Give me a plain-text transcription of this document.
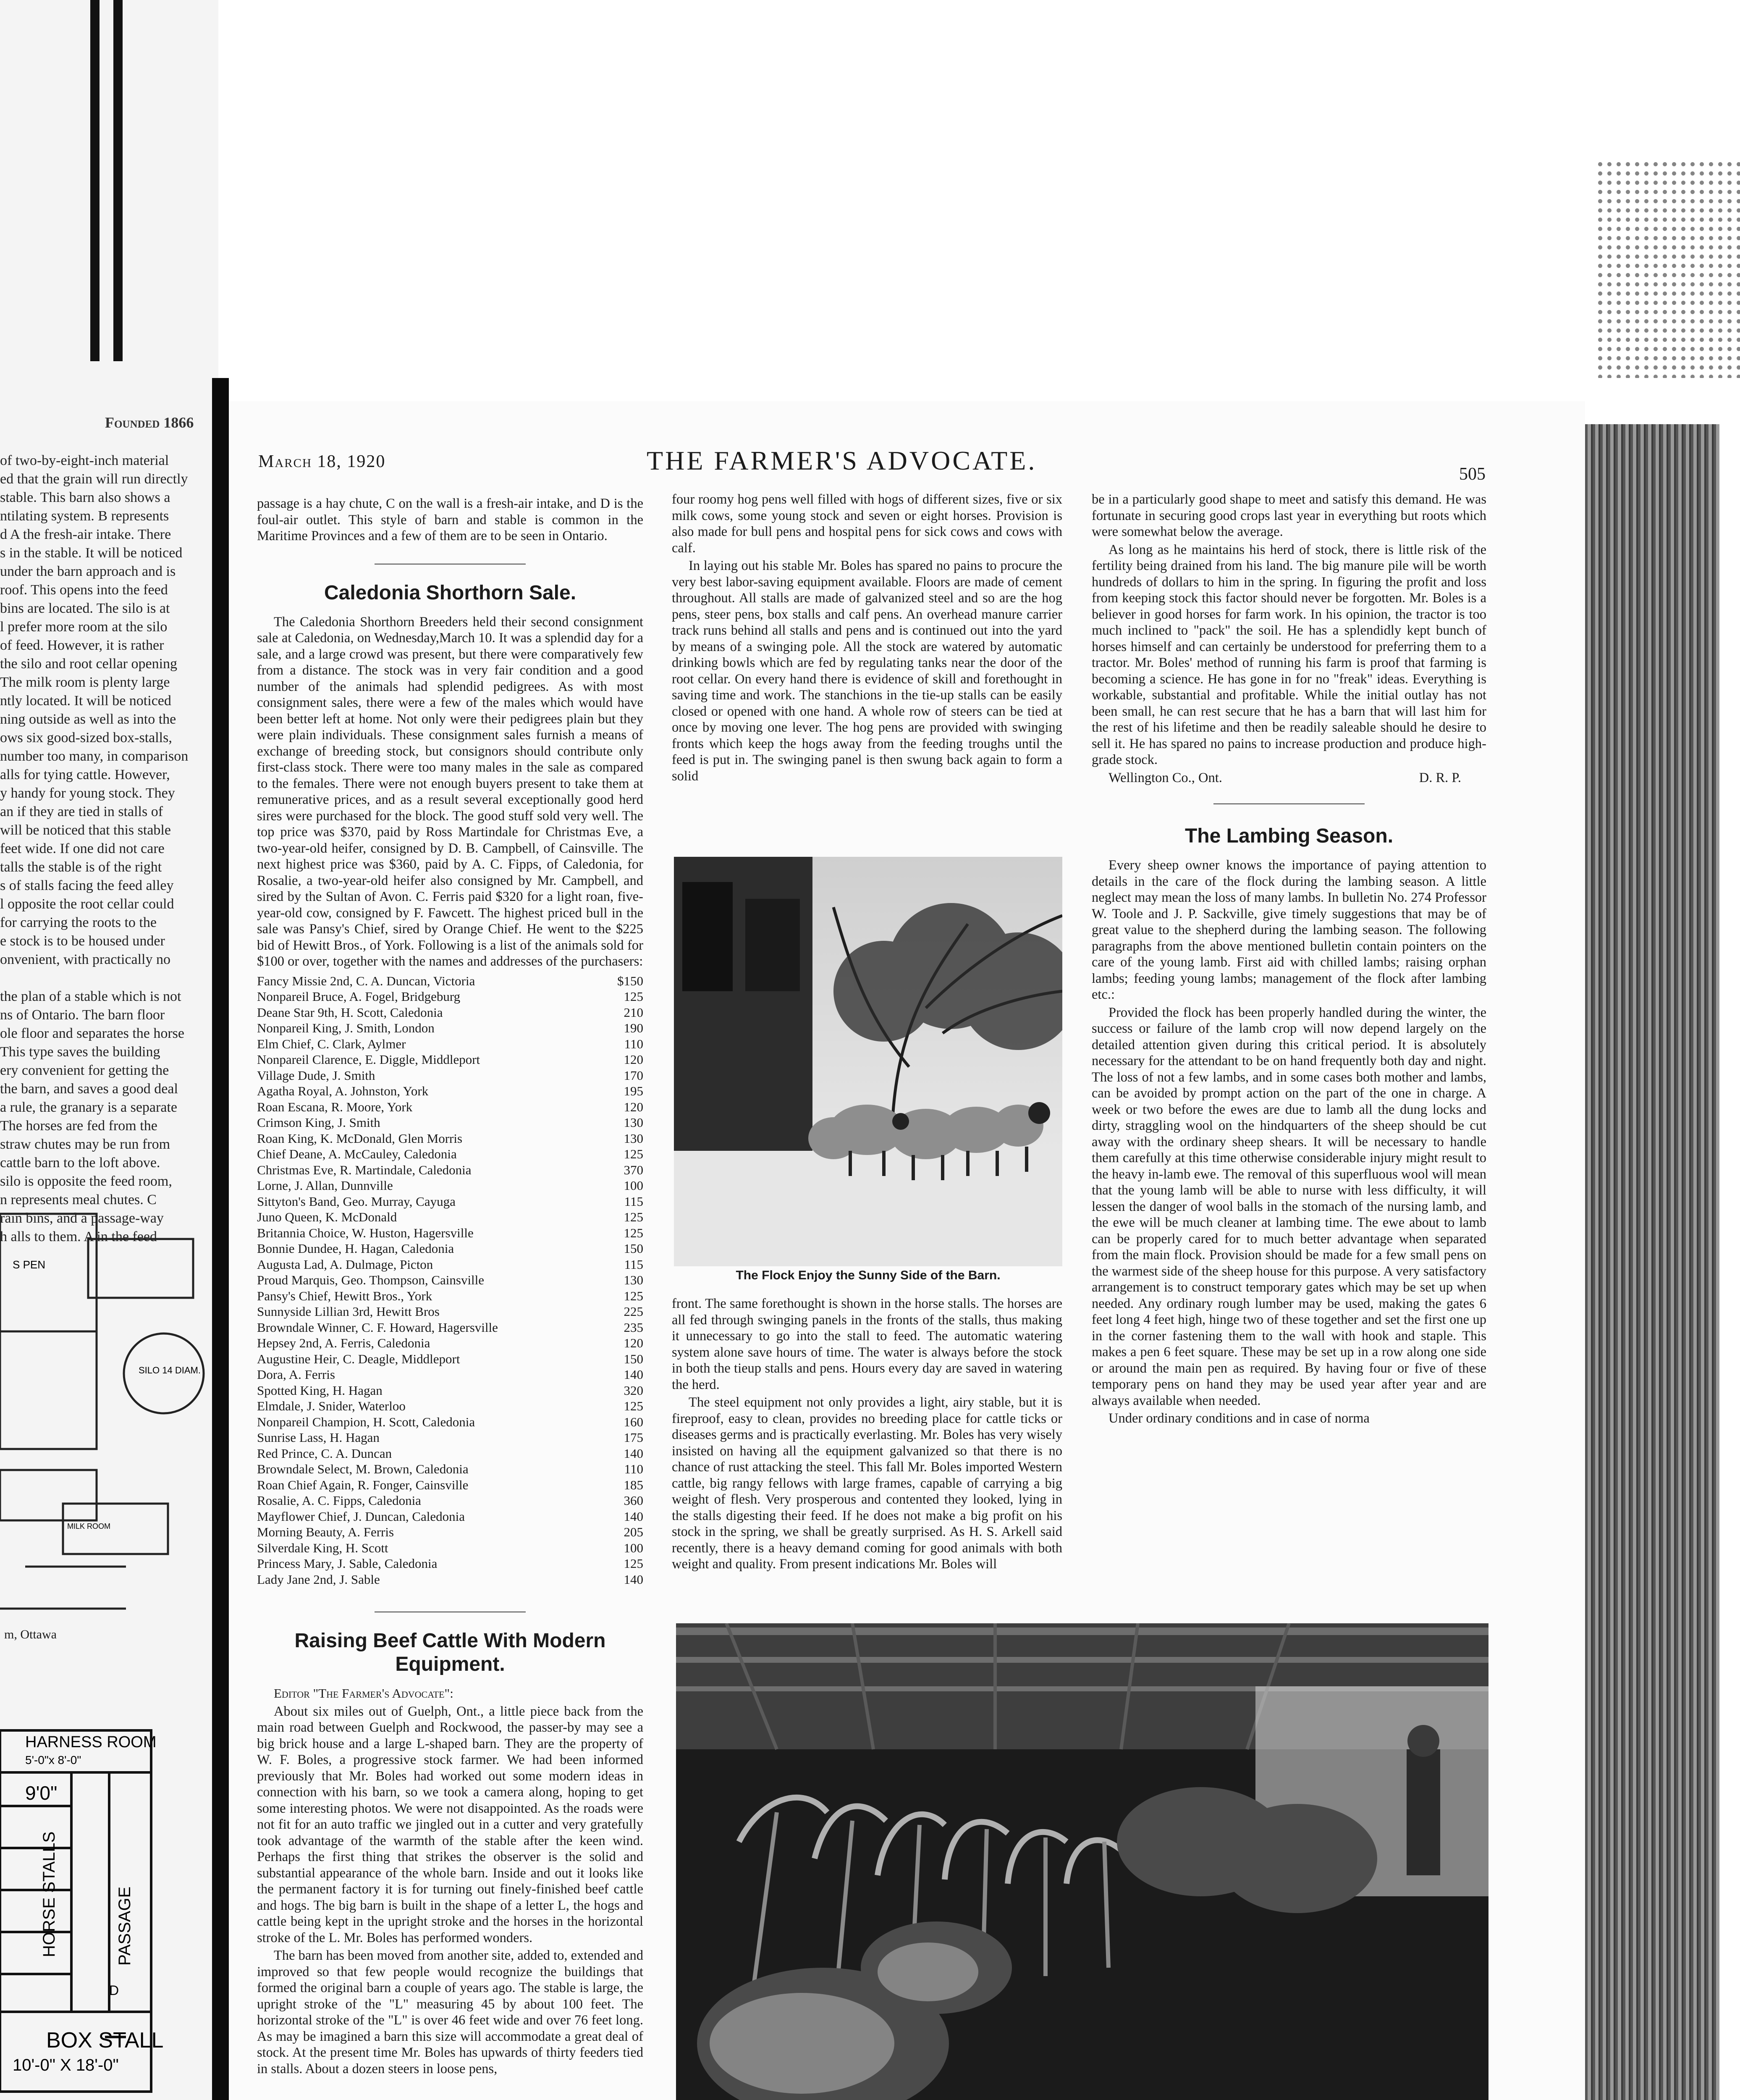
Founded 1866
of two-by-eight-inch material
ed that the grain will run directly
stable. This barn also shows a
ntilating system. B represents
d A the fresh-air intake. There
s in the stable. It will be noticed
under the barn approach and is
roof. This opens into the feed
bins are located. The silo is at
l prefer more room at the silo
of feed. However, it is rather
the silo and root cellar opening
The milk room is plenty large
ntly located. It will be noticed
ning outside as well as into the
ows six good-sized box-stalls,
number too many, in comparison
alls for tying cattle. However,
y handy for young stock. They
an if they are tied in stalls of
will be noticed that this stable
feet wide. If one did not care
talls the stable is of the right
s of stalls facing the feed alley
l opposite the root cellar could
for carrying the roots to the
e stock is to be housed under
onvenient, with practically no
the plan of a stable which is not
ns of Ontario. The barn floor
ole floor and separates the horse
This type saves the building
ery convenient for getting the
the barn, and saves a good deal
a rule, the granary is a separate
The horses are fed from the
straw chutes may be run from
cattle barn to the loft above.
silo is opposite the feed room,
n represents meal chutes. C
rain bins, and a passage-way
h alls to them. A in the feed
S PEN
SILO 14 DIAM.
MILK ROOM
m, Ottawa
HARNESS ROOM
5'-0"x 8'-0"
9'0"
HORSE STALLS	PASSAGE
D
BOX STALL
10'-0" X 18'-0"
March 18, 1920	THE FARMER'S ADVOCATE.	505

passage is a hay chute, C on the wall is a fresh-air intake, and D is the foul-air outlet. This style of barn and stable is common in the Maritime Provinces and a few of them are to be seen in Ontario.

Caledonia Shorthorn Sale.

The Caledonia Shorthorn Breeders held their second consignment sale at Caledonia, on Wednesday,March 10. It was a splendid day for a sale, and a large crowd was present, but there were comparatively few from a distance. The stock was in very fair condition and a good number of the animals had splendid pedigrees. As with most consignment sales, there were a few of the males which would have been better left at home. Not only were their pedigrees plain but they were plain individuals. These consignment sales furnish a means of exchange of breeding stock, but consignors should contribute only first-class stock. There were too many males in the sale as compared to the females. There were not enough buyers present to take them at remunerative prices, and as a result several exceptionally good herd sires were purchased for the block. The good stuff sold very well. The top price was $370, paid by Ross Martindale for Christmas Eve, a two-year-old heifer, consigned by D. B. Campbell, of Cainsville. The next highest price was $360, paid by A. C. Fipps, of Caledonia, for Rosalie, a two-year-old heifer also consigned by Mr. Campbell, and sired by the Sultan of Avon. C. Ferris paid $320 for a light roan, five-year-old cow, consigned by F. Fawcett. The highest priced bull in the sale was Pansy's Chief, sired by Orange Chief. He went to the $225 bid of Hewitt Bros., of York. Following is a list of the animals sold for $100 or over, together with the names and addresses of the purchasers:

Fancy Missie 2nd, C. A. Duncan, Victoria	$150
Nonpareil Bruce, A. Fogel, Bridgeburg	125
Deane Star 9th, H. Scott, Caledonia	210
Nonpareil King, J. Smith, London	190
Elm Chief, C. Clark, Aylmer	110
Nonpareil Clarence, E. Diggle, Middleport	120
Village Dude, J. Smith	170
Agatha Royal, A. Johnston, York	195
Roan Escana, R. Moore, York	120
Crimson King, J. Smith	130
Roan King, K. McDonald, Glen Morris	130
Chief Deane, A. McCauley, Caledonia	125
Christmas Eve, R. Martindale, Caledonia	370
Lorne, J. Allan, Dunnville	100
Sittyton's Band, Geo. Murray, Cayuga	115
Juno Queen, K. McDonald	125
Britannia Choice, W. Huston, Hagersville	125
Bonnie Dundee, H. Hagan, Caledonia	150
Augusta Lad, A. Dulmage, Picton	115
Proud Marquis, Geo. Thompson, Cainsville	130
Pansy's Chief, Hewitt Bros., York	125
Sunnyside Lillian 3rd, Hewitt Bros	225
Browndale Winner, C. F. Howard, Hagersville	235
Hepsey 2nd, A. Ferris, Caledonia	120
Augustine Heir, C. Deagle, Middleport	150
Dora, A. Ferris	140
Spotted King, H. Hagan	320
Elmdale, J. Snider, Waterloo	125
Nonpareil Champion, H. Scott, Caledonia	160
Sunrise Lass, H. Hagan	175
Red Prince, C. A. Duncan	140
Browndale Select, M. Brown, Caledonia	110
Roan Chief Again, R. Fonger, Cainsville	185
Rosalie, A. C. Fipps, Caledonia	360
Mayflower Chief, J. Duncan, Caledonia	140
Morning Beauty, A. Ferris	205
Silverdale King, H. Scott	100
Princess Mary, J. Sable, Caledonia	125
Lady Jane 2nd, J. Sable	140
Raising Beef Cattle With Modern Equipment.

Editor "The Farmer's Advocate":

About six miles out of Guelph, Ont., a little piece back from the main road between Guelph and Rockwood, the passer-by may see a big brick house and a large L-shaped barn. They are the property of W. F. Boles, a progressive stock farmer. We had been informed previously that Mr. Boles had worked out some modern ideas in connection with his barn, so we took a camera along, hoping to get some interesting photos. We were not disappointed. As the roads were not fit for an auto traffic we jingled out in a cutter and very gratefully took advantage of the warmth of the stable after the keen wind. Perhaps the first thing that strikes the observer is the solid and substantial appearance of the whole barn. Inside and out it looks like the permanent factory it is for turning out finely-finished beef cattle and hogs. The big barn is built in the shape of a letter L, the hogs and cattle being kept in the upright stroke and the horses in the horizontal stroke of the L. Mr. Boles has performed wonders.

The barn has been moved from another site, added to, extended and improved so that few people would recognize the buildings that formed the original barn a couple of years ago. The stable is large, the upright stroke of the "L" measuring 45 by about 100 feet. The horizontal stroke of the "L" is over 46 feet wide and over 76 feet long. As may be imagined a barn this size will accommodate a great deal of stock. At the present time Mr. Boles has upwards of thirty feeders tied in stalls. About a dozen steers in loose pens,

four roomy hog pens well filled with hogs of different sizes, five or six milk cows, some young stock and seven or eight horses. Provision is also made for bull pens and hospital pens for sick cows and cows with calf.

In laying out his stable Mr. Boles has spared no pains to procure the very best labor-saving equipment available. Floors are made of cement throughout. All stalls are made of galvanized steel and so are the hog pens, steer pens, box stalls and calf pens. An overhead manure carrier track runs behind all stalls and pens and is continued out into the yard by means of a swinging pole. All the stock are watered by automatic drinking bowls which are fed by regulating tanks near the door of the root cellar. On every hand there is evidence of skill and forethought in saving time and work. The stanchions in the tie-up stalls can be easily closed or opened with one hand. A whole row of steers can be tied at once by moving one lever. The hog pens are provided with swinging fronts which keep the hogs away from the feeding troughs until the feed is put in. The swinging panel is then swung back again to form a solid

The Flock Enjoy the Sunny Side of the Barn.

front. The same forethought is shown in the horse stalls. The horses are all fed through swinging panels in the fronts of the stalls, thus making it unnecessary to go into the stall to feed. The automatic watering system alone save hours of time. The water is always before the stock in both the tieup stalls and pens. Hours every day are saved in watering the herd.

The steel equipment not only provides a light, airy stable, but it is fireproof, easy to clean, provides no breeding place for cattle ticks or diseases germs and is practically everlasting. Mr. Boles has very wisely insisted on having all the equipment galvanized so that there is no chance of rust attacking the steel. This fall Mr. Boles imported Western cattle, big rangy fellows with large frames, capable of carrying a big weight of flesh. Very prosperous and contented they looked, lying in the stalls digesting their feed. If he does not make a big profit on his stock in the spring, we shall be greatly surprised. As H. S. Arkell said recently, there is a heavy demand coming for good animals with both weight and quality. From present indications Mr. Boles will

be in a particularly good shape to meet and satisfy this demand. He was fortunate in securing good crops last year in everything but roots which were somewhat below the average.

As long as he maintains his herd of stock, there is little risk of the fertility being drained from his land. The big manure pile will be worth hundreds of dollars to him in the spring. In figuring the profit and loss from keeping stock this factor should never be forgotten. Mr. Boles is a believer in good horses for farm work. In his opinion, the tractor is too much inclined to "pack" the soil. He has a splendidly kept bunch of horses himself and can certainly be understood for preferring them to a tractor. Mr. Boles' method of running his farm is proof that farming is becoming a science. He has gone in for no "freak" ideas. Everything is workable, substantial and profitable. While the initial outlay has not been small, he can rest secure that he has a barn that will last him for the rest of his lifetime and then be readily saleable should he desire to sell it. He has spared no pains to increase production and produce high-grade stock.

Wellington Co., Ont.	D. R. P.
The Lambing Season.

Every sheep owner knows the importance of paying attention to details in the care of the flock during the lambing season. A little neglect may mean the loss of many lambs. In bulletin No. 274 Professor W. Toole and J. P. Sackville, give timely suggestions that may be of great value to the shepherd during the lambing season. The following paragraphs from the above mentioned bulletin contain pointers on the care of the young lamb. First aid with chilled lambs; raising orphan lambs; feeding young lambs; management of the flock after lambing etc.:

Provided the flock has been properly handled during the winter, the success or failure of the lamb crop will now depend largely on the detailed attention given during this critical period. It is absolutely necessary for the attendant to be on hand frequently both day and night. The loss of not a few lambs, and in some cases both mother and lambs, can be avoided by prompt action on the part of the one in charge. A week or two before the ewes are due to lamb all the dung locks and dirty, straggling wool on the hindquarters of the sheep should be cut away with the ordinary sheep shears. It will be necessary to handle them carefully at this time otherwise considerable injury might result to the heavy in-lamb ewe. The removal of this superfluous wool will mean that the young lamb will be able to nurse with less difficulty, it will lessen the danger of wool balls in the stomach of the nursing lamb, and the ewe will be much cleaner at lambing time. The ewe about to lamb can be properly cared for to much better advantage when separated from the main flock. Provision should be made for a few small pens on the warmest side of the sheep house for this purpose. A very satisfactory arrangement is to construct temporary gates which may be set up when needed. Any ordinary rough lumber may be used, making the gates 6 feet long 4 feet high, hinge two of these together and set the first one up in the corner fastening them to the wall with hook and staple. This makes a pen 6 feet square. These may be set up in a row along one side or around the main pen as required. By having four or five of these temporary pens on hand they may be used year after year and are always available when needed.

Under ordinary conditions and in case of norma
